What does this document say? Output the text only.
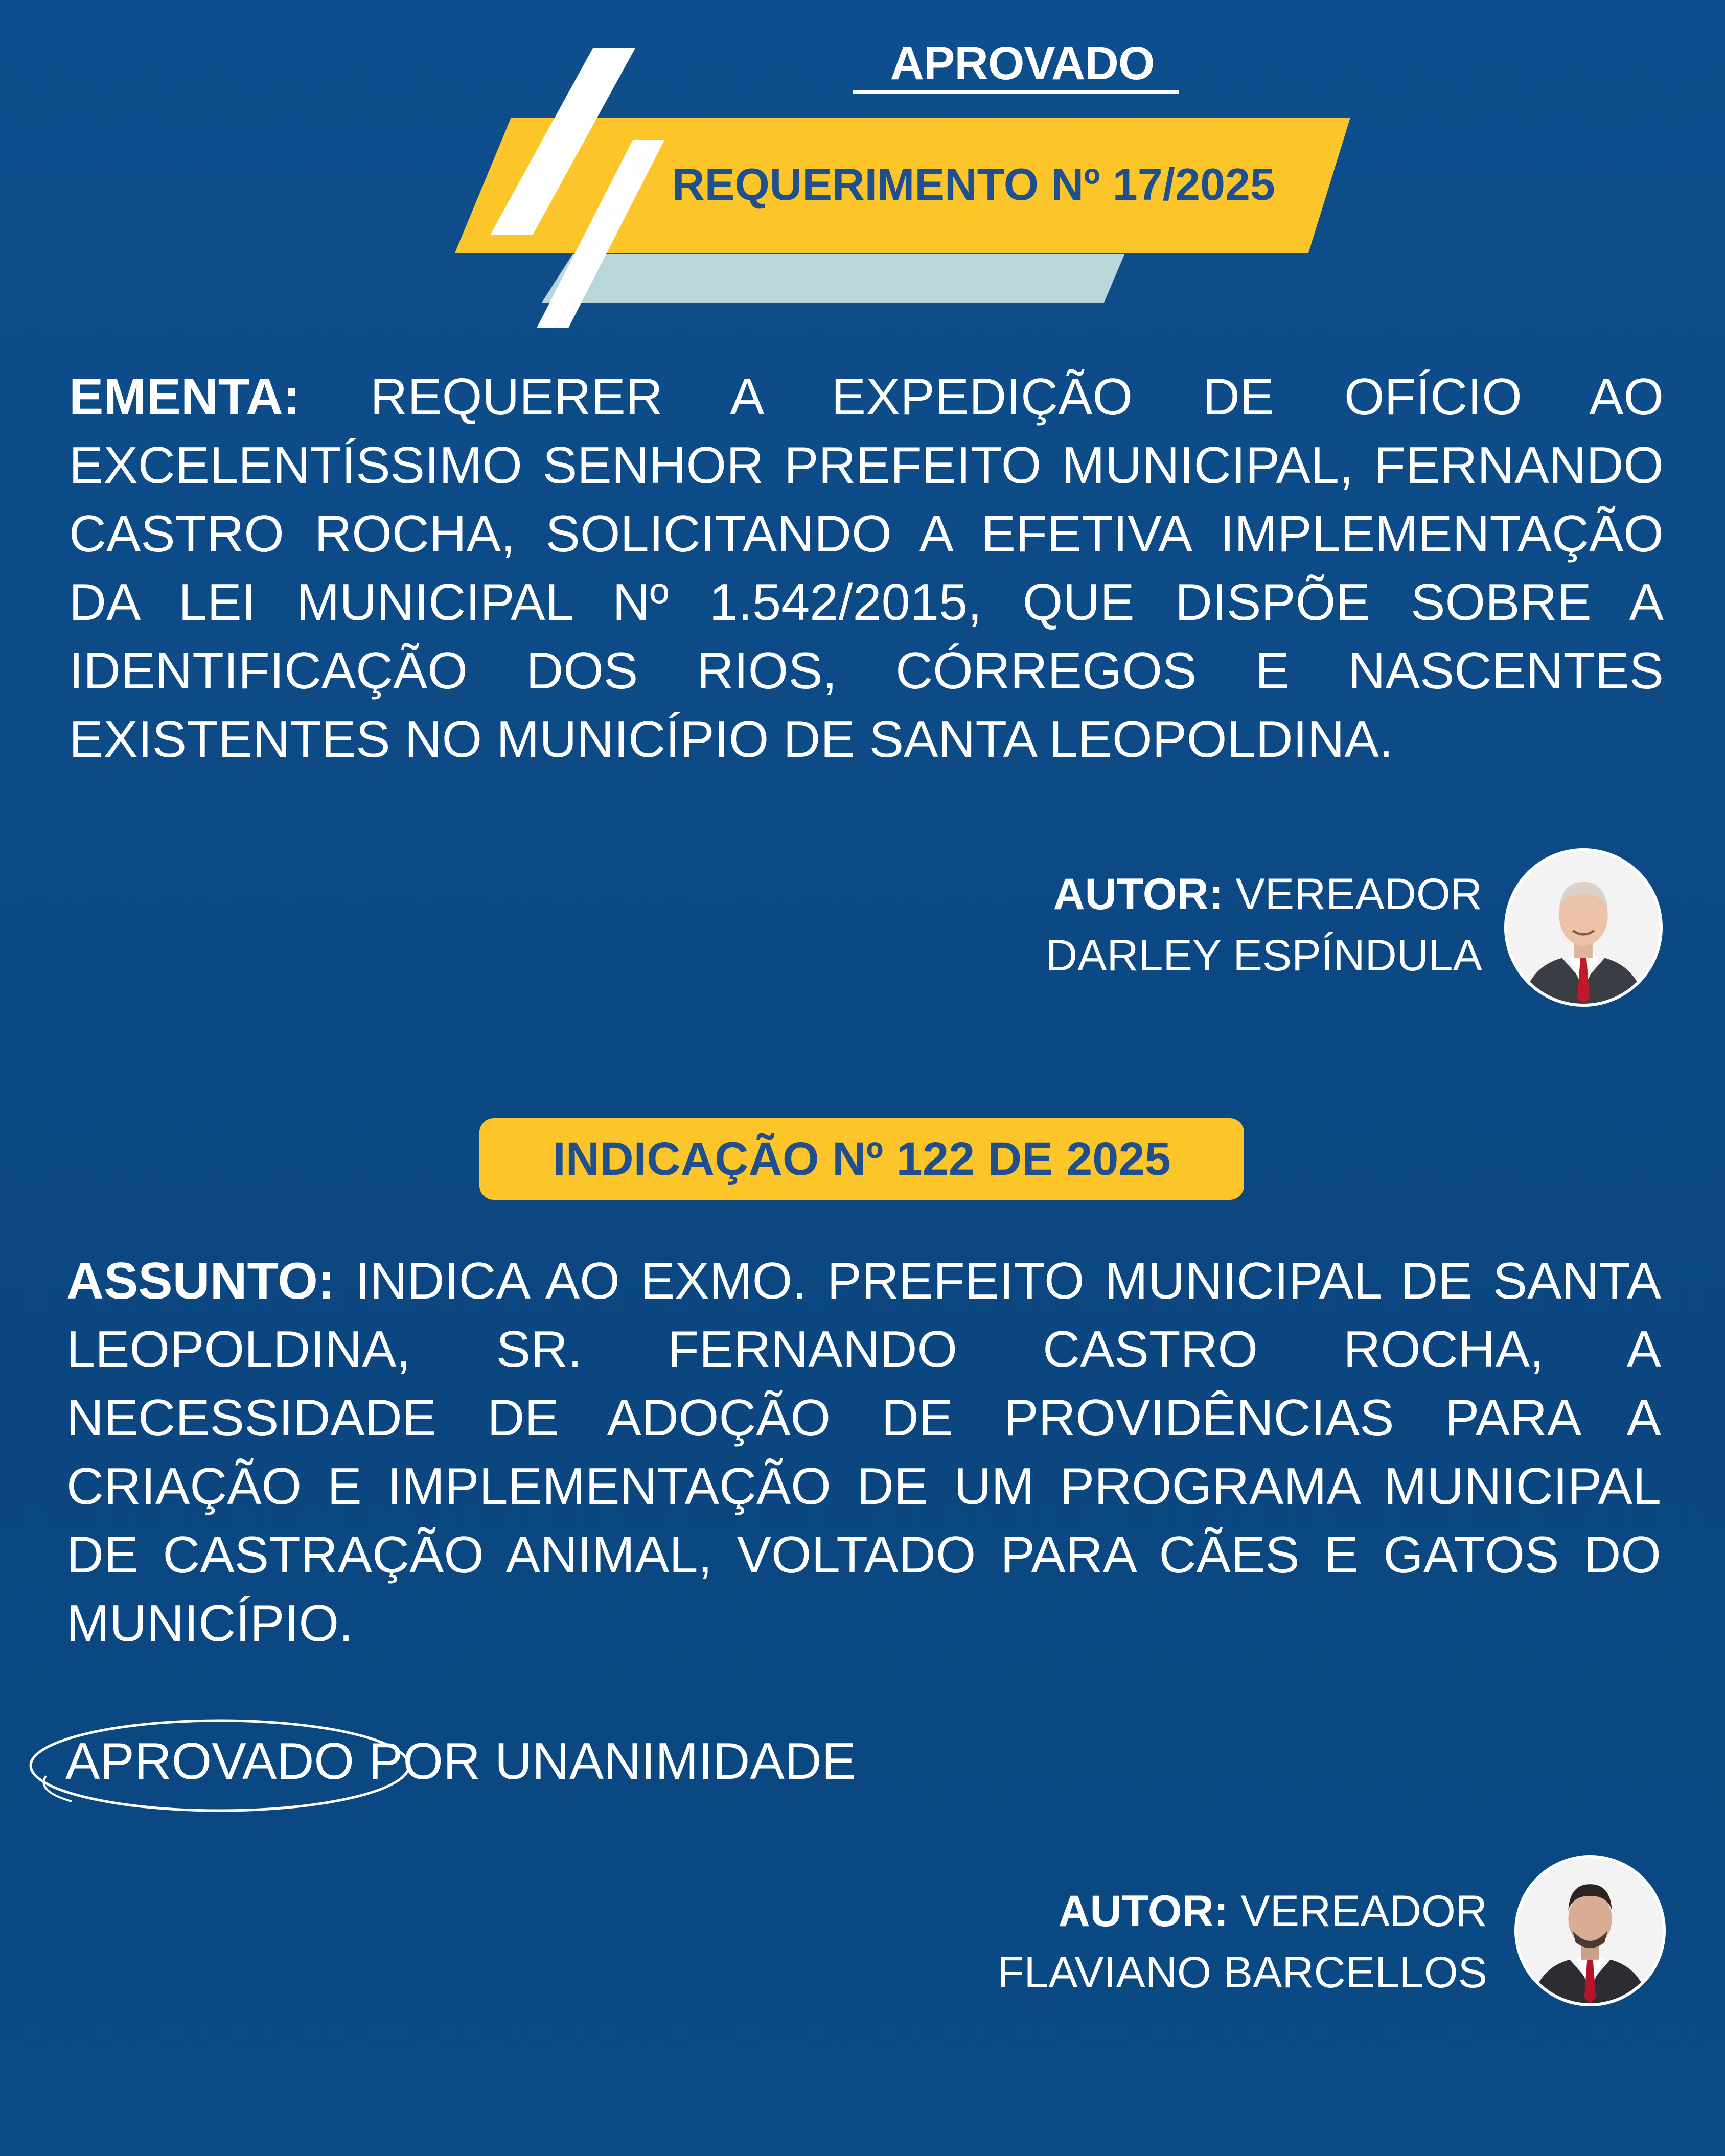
APROVADO
REQUERIMENTO Nº 17/2025
EMENTA: REQUERER A EXPEDIÇÃO DE OFÍCIO AO EXCELENTÍSSIMO SENHOR PREFEITO MUNICIPAL, FERNANDO CASTRO ROCHA, SOLICITANDO A EFETIVA IMPLEMENTAÇÃO DA LEI MUNICIPAL Nº 1.542/2015, QUE DISPÕE SOBRE A IDENTIFICAÇÃO DOS RIOS, CÓRREGOS E NASCENTES EXISTENTES NO MUNICÍPIO DE SANTA LEOPOLDINA.
AUTOR: VEREADOR
DARLEY ESPÍNDULA
INDICAÇÃO Nº 122 DE 2025
ASSUNTO: INDICA AO EXMO. PREFEITO MUNICIPAL DE SANTA LEOPOLDINA, SR. FERNANDO CASTRO ROCHA, A NECESSIDADE DE ADOÇÃO DE PROVIDÊNCIAS PARA A CRIAÇÃO E IMPLEMENTAÇÃO DE UM PROGRAMA MUNICIPAL DE CASTRAÇÃO ANIMAL, VOLTADO PARA CÃES E GATOS DO MUNICÍPIO.
APROVADO POR UNANIMIDADE
AUTOR: VEREADOR
FLAVIANO BARCELLOS
